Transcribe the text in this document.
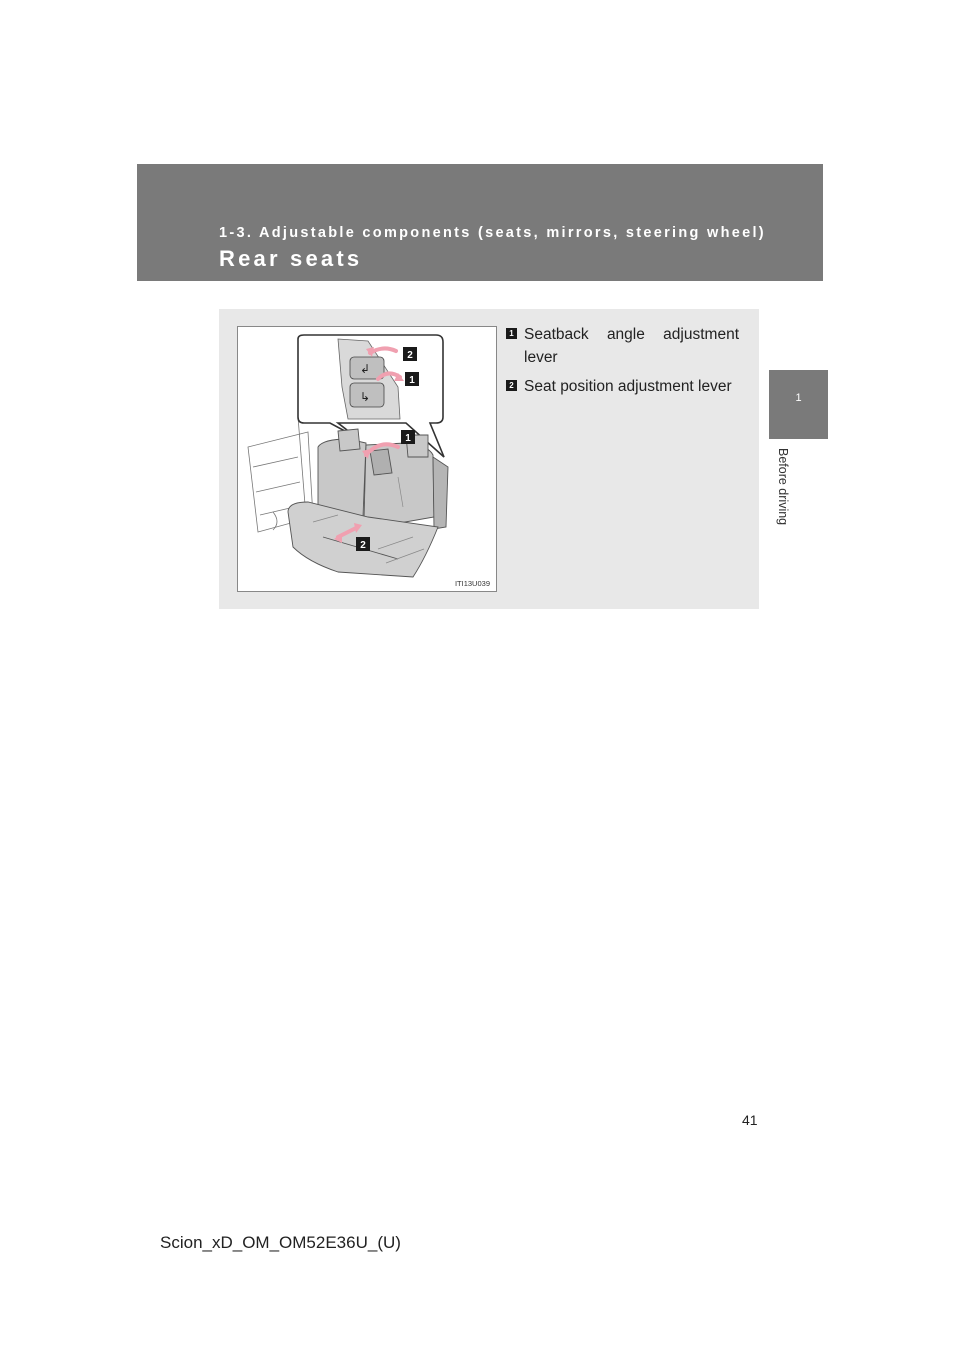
1-3. Adjustable components (seats, mirrors, steering wheel)
Rear seats
1
Before driving
↲
↳
2
1
1
2
ITI13U039
1 Seatback angle adjustment lever
2 Seat position adjustment lever
41
Scion_xD_OM_OM52E36U_(U)
